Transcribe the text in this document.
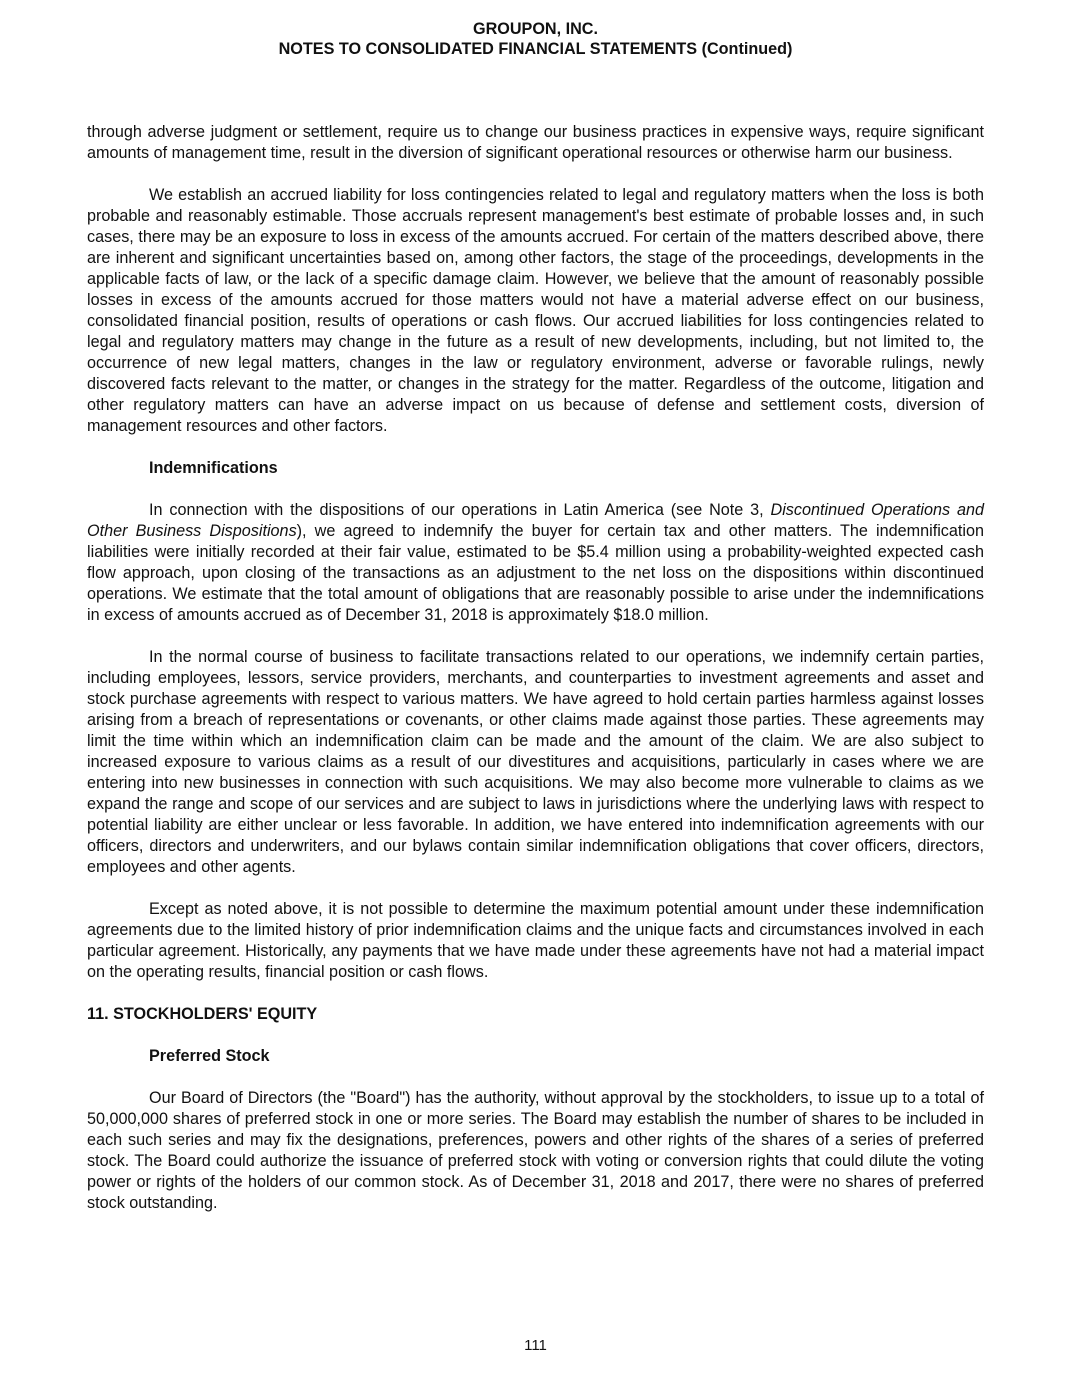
GROUPON, INC.
NOTES TO CONSOLIDATED FINANCIAL STATEMENTS (Continued)

through adverse judgment or settlement, require us to change our business practices in expensive ways, require significant amounts of management time, result in the diversion of significant operational resources or otherwise harm our business.

We establish an accrued liability for loss contingencies related to legal and regulatory matters when the loss is both probable and reasonably estimable. Those accruals represent management's best estimate of probable losses and, in such cases, there may be an exposure to loss in excess of the amounts accrued. For certain of the matters described above, there are inherent and significant uncertainties based on, among other factors, the stage of the proceedings, developments in the applicable facts of law, or the lack of a specific damage claim. However, we believe that the amount of reasonably possible losses in excess of the amounts accrued for those matters would not have a material adverse effect on our business, consolidated financial position, results of operations or cash flows. Our accrued liabilities for loss contingencies related to legal and regulatory matters may change in the future as a result of new developments, including, but not limited to, the occurrence of new legal matters, changes in the law or regulatory environment, adverse or favorable rulings, newly discovered facts relevant to the matter, or changes in the strategy for the matter. Regardless of the outcome, litigation and other regulatory matters can have an adverse impact on us because of defense and settlement costs, diversion of management resources and other factors.

Indemnifications

In connection with the dispositions of our operations in Latin America (see Note 3, Discontinued Operations and Other Business Dispositions), we agreed to indemnify the buyer for certain tax and other matters. The indemnification liabilities were initially recorded at their fair value, estimated to be $5.4 million using a probability-weighted expected cash flow approach, upon closing of the transactions as an adjustment to the net loss on the dispositions within discontinued operations. We estimate that the total amount of obligations that are reasonably possible to arise under the indemnifications in excess of amounts accrued as of December 31, 2018 is approximately $18.0 million.

In the normal course of business to facilitate transactions related to our operations, we indemnify certain parties, including employees, lessors, service providers, merchants, and counterparties to investment agreements and asset and stock purchase agreements with respect to various matters. We have agreed to hold certain parties harmless against losses arising from a breach of representations or covenants, or other claims made against those parties. These agreements may limit the time within which an indemnification claim can be made and the amount of the claim. We are also subject to increased exposure to various claims as a result of our divestitures and acquisitions, particularly in cases where we are entering into new businesses in connection with such acquisitions. We may also become more vulnerable to claims as we expand the range and scope of our services and are subject to laws in jurisdictions where the underlying laws with respect to potential liability are either unclear or less favorable. In addition, we have entered into indemnification agreements with our officers, directors and underwriters, and our bylaws contain similar indemnification obligations that cover officers, directors, employees and other agents.

Except as noted above, it is not possible to determine the maximum potential amount under these indemnification agreements due to the limited history of prior indemnification claims and the unique facts and circumstances involved in each particular agreement. Historically, any payments that we have made under these agreements have not had a material impact on the operating results, financial position or cash flows.

11. STOCKHOLDERS' EQUITY
Preferred Stock

Our Board of Directors (the "Board") has the authority, without approval by the stockholders, to issue up to a total of 50,000,000 shares of preferred stock in one or more series. The Board may establish the number of shares to be included in each such series and may fix the designations, preferences, powers and other rights of the shares of a series of preferred stock. The Board could authorize the issuance of preferred stock with voting or conversion rights that could dilute the voting power or rights of the holders of our common stock. As of December 31, 2018 and 2017, there were no shares of preferred stock outstanding.

111
